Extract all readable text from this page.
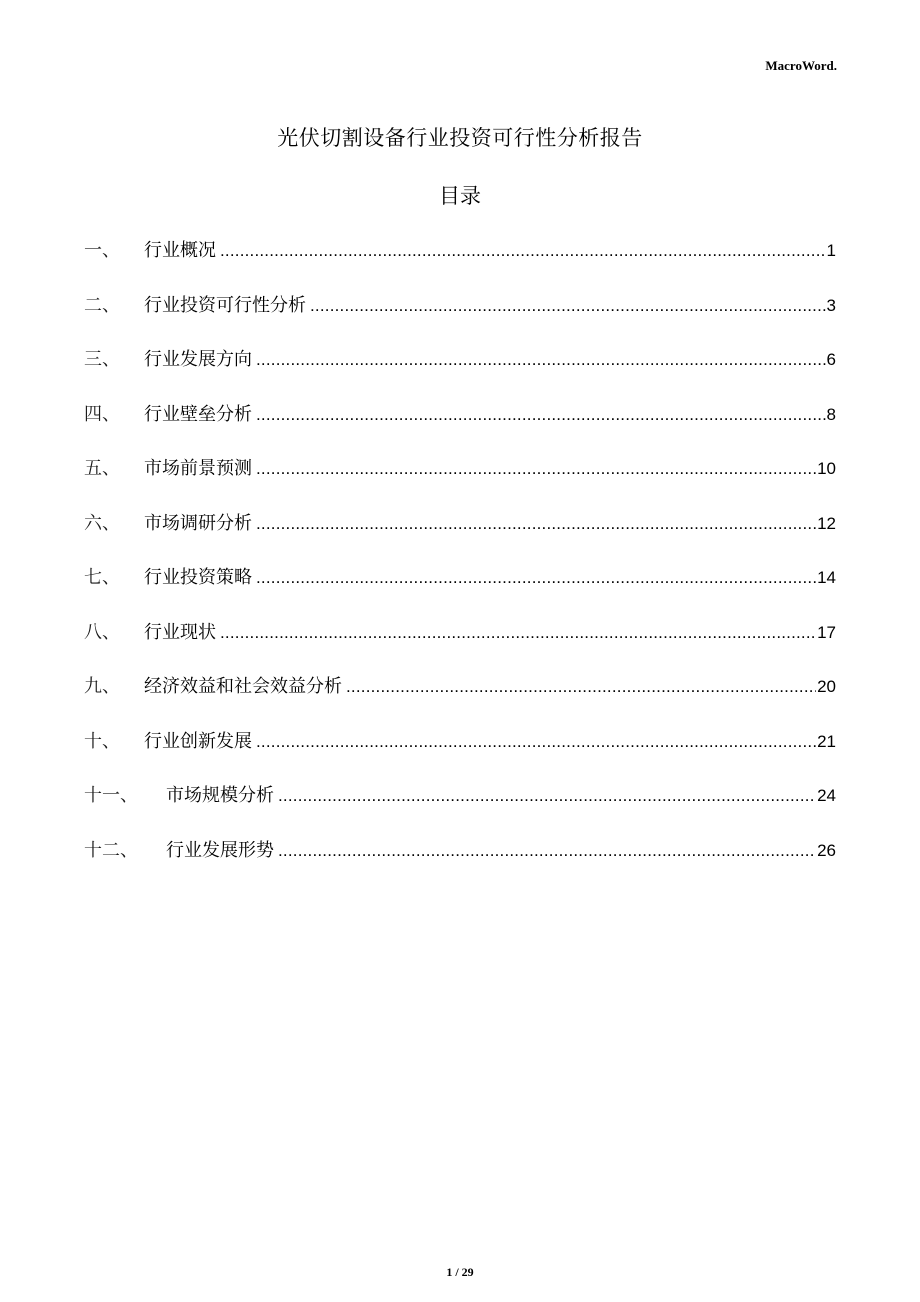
MacroWord.
光伏切割设备行业投资可行性分析报告
目录
一、	行业概况 .....	1
二、	行业投资可行性分析 .....	3
三、	行业发展方向 .....	6
四、	行业壁垒分析 .....	8
五、	市场前景预测 .....	10
六、	市场调研分析 .....	12
七、	行业投资策略 .....	14
八、	行业现状 .....	17
九、	经济效益和社会效益分析 .....	20
十、	行业创新发展 .....	21
十一、	市场规模分析 .....	24
十二、	行业发展形势 .....	26
1 / 29
